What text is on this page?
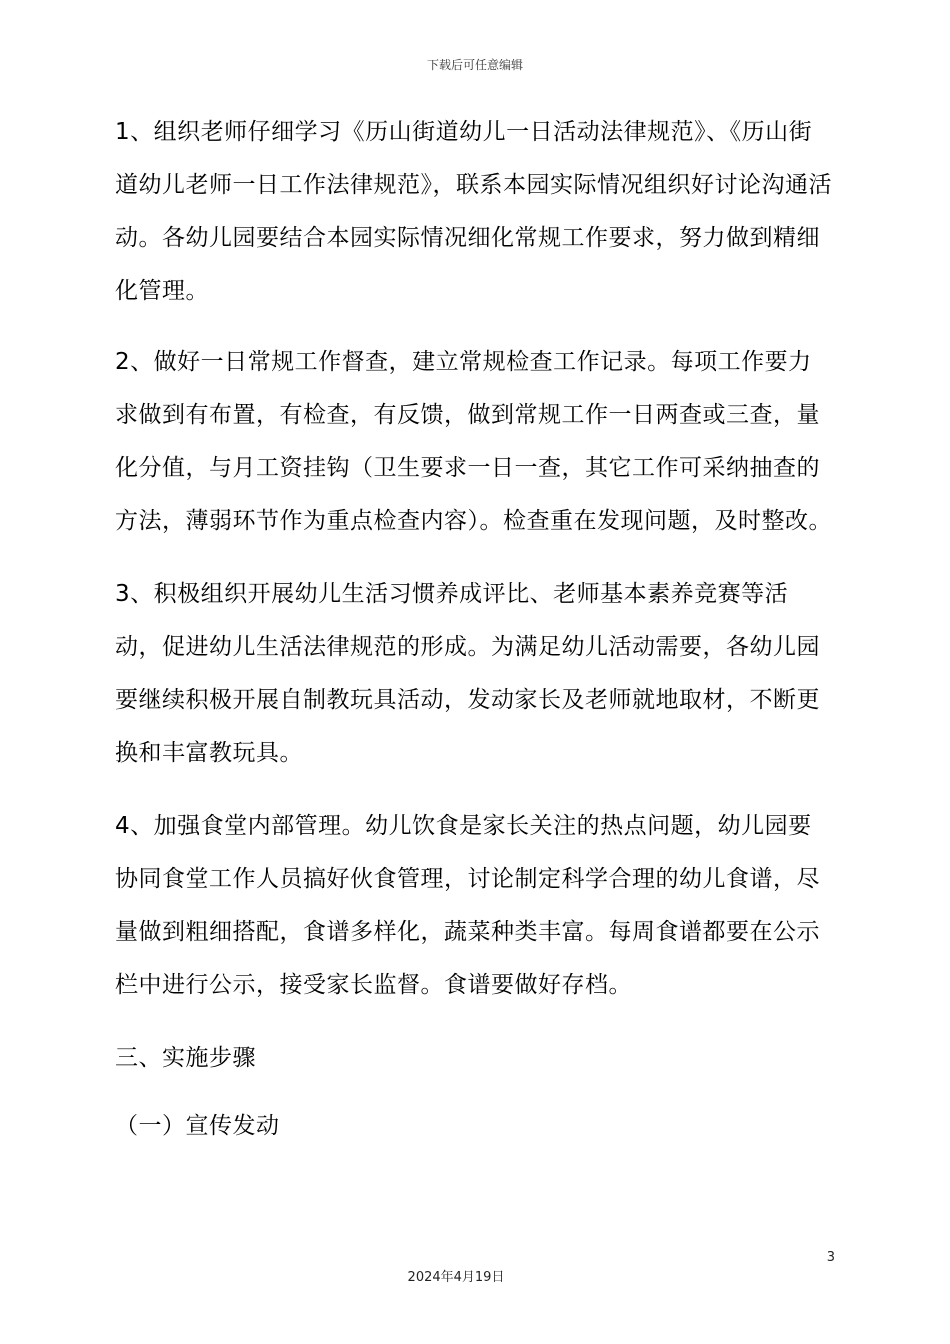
下载后可任意编辑

1、组织老师仔细学习《历山街道幼儿一日活动法律规范》、《历山街道幼儿老师一日工作法律规范》，联系本园实际情况组织好讨论沟通活动。各幼儿园要结合本园实际情况细化常规工作要求，努力做到精细化管理。

2、做好一日常规工作督查，建立常规检查工作记录。每项工作要力求做到有布置，有检查，有反馈，做到常规工作一日两查或三查，量化分值，与月工资挂钩（卫生要求一日一查，其它工作可采纳抽查的方法，薄弱环节作为重点检查内容）。检查重在发现问题，及时整改。

3、积极组织开展幼儿生活习惯养成评比、老师基本素养竞赛等活动，促进幼儿生活法律规范的形成。为满足幼儿活动需要，各幼儿园要继续积极开展自制教玩具活动，发动家长及老师就地取材，不断更换和丰富教玩具。

4、加强食堂内部管理。幼儿饮食是家长关注的热点问题，幼儿园要协同食堂工作人员搞好伙食管理，讨论制定科学合理的幼儿食谱，尽量做到粗细搭配，食谱多样化，蔬菜种类丰富。每周食谱都要在公示栏中进行公示，接受家长监督。食谱要做好存档。

三、实施步骤

（一）宣传发动

3
2024年4月19日
